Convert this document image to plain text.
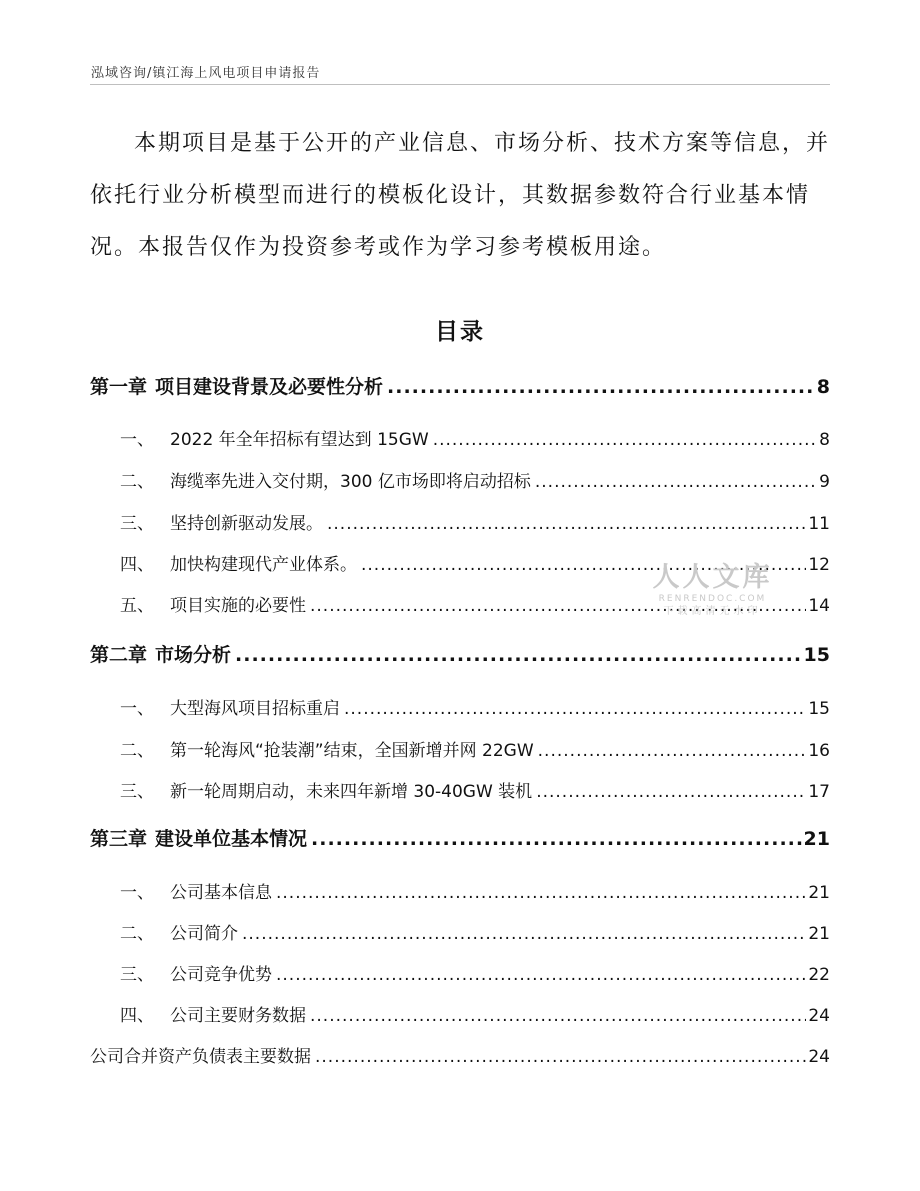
泓域咨询/镇江海上风电项目申请报告

本期项目是基于公开的产业信息、市场分析、技术方案等信息，并依托行业分析模型而进行的模板化设计，其数据参数符合行业基本情况。本报告仅作为投资参考或作为学习参考模板用途。

目录
第一章 项目建设背景及必要性分析 .....	8
一、 2022 年全年招标有望达到 15GW .....	8
二、 海缆率先进入交付期，300 亿市场即将启动招标 .....	9
三、 坚持创新驱动发展。 .....	11
四、 加快构建现代产业体系。 .....	12
五、 项目实施的必要性 .....	14
第二章 市场分析 .....	15
一、 大型海风项目招标重启 .....	15
二、 第一轮海风“抢装潮”结束，全国新增并网 22GW .....	16
三、 新一轮周期启动，未来四年新增 30-40GW 装机 .....	17
第三章 建设单位基本情况 .....	21
一、 公司基本信息 .....	21
二、 公司简介 .....	21
三、 公司竞争优势 .....	22
四、 公司主要财务数据 .....	24
公司合并资产负债表主要数据 .....	24
人人文库
RENRENDOC.COM
下载高清无水印
